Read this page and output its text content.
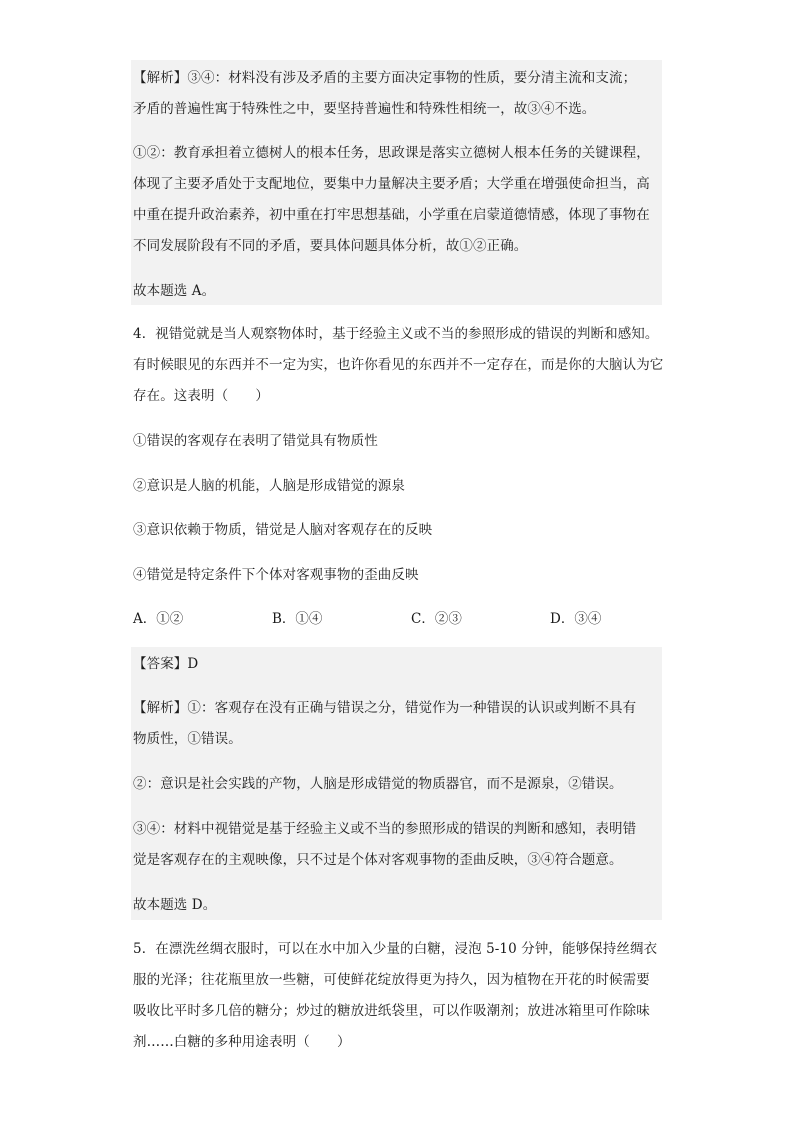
【解析】③④：材料没有涉及矛盾的主要方面决定事物的性质，要分清主流和支流；
矛盾的普遍性寓于特殊性之中，要坚持普遍性和特殊性相统一，故③④不选。
①②：教育承担着立德树人的根本任务，思政课是落实立德树人根本任务的关键课程，
体现了主要矛盾处于支配地位，要集中力量解决主要矛盾；大学重在增强使命担当，高
中重在提升政治素养，初中重在打牢思想基础，小学重在启蒙道德情感，体现了事物在
不同发展阶段有不同的矛盾，要具体问题具体分析，故①②正确。
故本题选 A。
4．视错觉就是当人观察物体时，基于经验主义或不当的参照形成的错误的判断和感知。
有时候眼见的东西并不一定为实，也许你看见的东西并不一定存在，而是你的大脑认为它
存在。这表明（　　）
①错误的客观存在表明了错觉具有物质性
②意识是人脑的机能，人脑是形成错觉的源泉
③意识依赖于物质，错觉是人脑对客观存在的反映
④错觉是特定条件下个体对客观事物的歪曲反映
A．①②	B．①④	C．②③	D．③④
【答案】D
【解析】①：客观存在没有正确与错误之分，错觉作为一种错误的认识或判断不具有
物质性，①错误。
②：意识是社会实践的产物，人脑是形成错觉的物质器官，而不是源泉，②错误。
③④：材料中视错觉是基于经验主义或不当的参照形成的错误的判断和感知，表明错
觉是客观存在的主观映像，只不过是个体对客观事物的歪曲反映，③④符合题意。
故本题选 D。
5．在漂洗丝绸衣服时，可以在水中加入少量的白糖，浸泡 5-10 分钟，能够保持丝绸衣
服的光泽；往花瓶里放一些糖，可使鲜花绽放得更为持久，因为植物在开花的时候需要
吸收比平时多几倍的糖分；炒过的糖放进纸袋里，可以作吸潮剂；放进冰箱里可作除味
剂……白糖的多种用途表明（　　）
